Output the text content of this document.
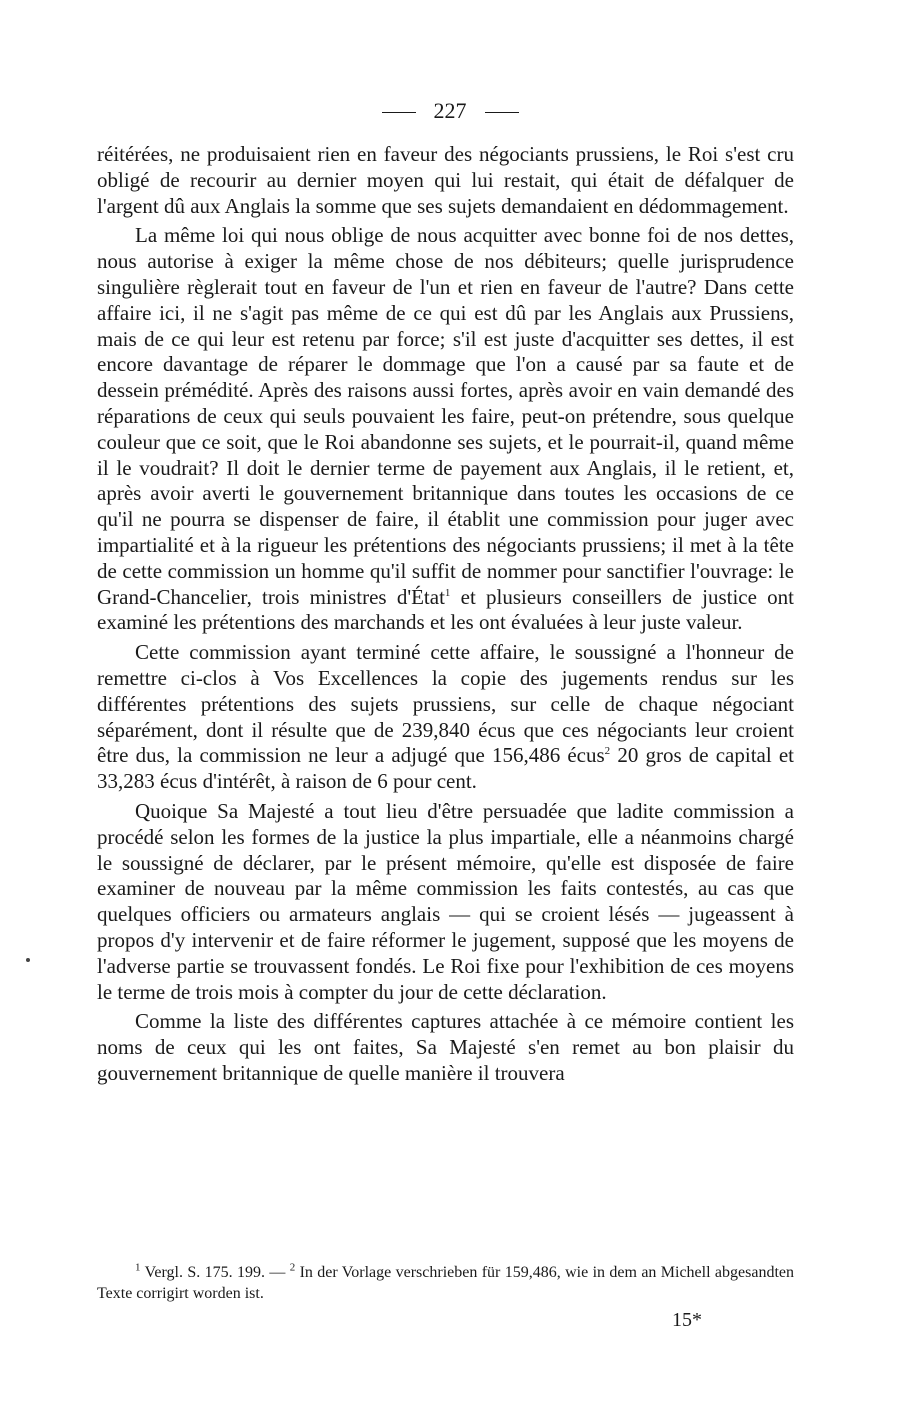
227

réitérées, ne produisaient rien en faveur des négociants prussiens, le Roi s'est cru obligé de recourir au dernier moyen qui lui restait, qui était de défalquer de l'argent dû aux Anglais la somme que ses sujets demandaient en dédommagement.

La même loi qui nous oblige de nous acquitter avec bonne foi de nos dettes, nous autorise à exiger la même chose de nos débiteurs; quelle jurisprudence singulière règlerait tout en faveur de l'un et rien en faveur de l'autre? Dans cette affaire ici, il ne s'agit pas même de ce qui est dû par les Anglais aux Prussiens, mais de ce qui leur est retenu par force; s'il est juste d'acquitter ses dettes, il est encore davantage de réparer le dommage que l'on a causé par sa faute et de dessein prémédité. Après des raisons aussi fortes, après avoir en vain demandé des réparations de ceux qui seuls pouvaient les faire, peut-on prétendre, sous quelque couleur que ce soit, que le Roi abandonne ses sujets, et le pourrait-il, quand même il le voudrait? Il doit le dernier terme de payement aux Anglais, il le retient, et, après avoir averti le gouvernement britannique dans toutes les occasions de ce qu'il ne pourra se dispenser de faire, il établit une commission pour juger avec impartialité et à la rigueur les prétentions des négociants prussiens; il met à la tête de cette commission un homme qu'il suffit de nommer pour sanctifier l'ouvrage: le Grand-Chancelier, trois ministres d'État$^1$ et plusieurs conseillers de justice ont examiné les prétentions des marchands et les ont évaluées à leur juste valeur.

Cette commission ayant terminé cette affaire, le soussigné a l'honneur de remettre ci-clos à Vos Excellences la copie des jugements rendus sur les différentes prétentions des sujets prussiens, sur celle de chaque négociant séparément, dont il résulte que de 239,840 écus que ces négociants leur croient être dus, la commission ne leur a adjugé que 156,486 écus$^2$ 20 gros de capital et 33,283 écus d'intérêt, à raison de 6 pour cent.

Quoique Sa Majesté a tout lieu d'être persuadée que ladite commission a procédé selon les formes de la justice la plus impartiale, elle a néanmoins chargé le soussigné de déclarer, par le présent mémoire, qu'elle est disposée de faire examiner de nouveau par la même commission les faits contestés, au cas que quelques officiers ou armateurs anglais — qui se croient lésés — jugeassent à propos d'y intervenir et de faire réformer le jugement, supposé que les moyens de l'adverse partie se trouvassent fondés. Le Roi fixe pour l'exhibition de ces moyens le terme de trois mois à compter du jour de cette déclaration.

Comme la liste des différentes captures attachée à ce mémoire contient les noms de ceux qui les ont faites, Sa Majesté s'en remet au bon plaisir du gouvernement britannique de quelle manière il trouvera

$^1$ Vergl. S. 175. 199. — $^2$ In der Vorlage verschrieben für 159,486, wie in dem an Michell abgesandten Texte corrigirt worden ist.
15*
